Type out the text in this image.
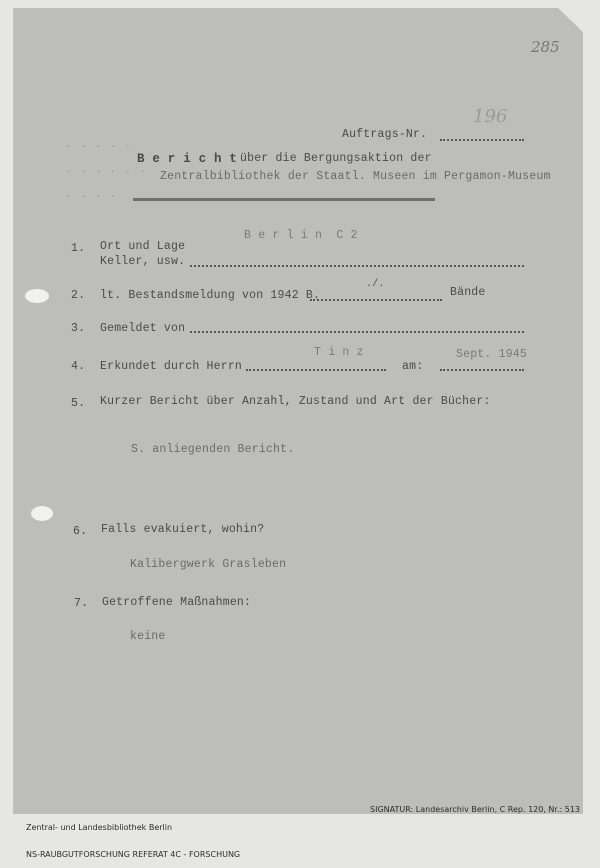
285
196
Auftrags-Nr.
. . . . .
. . . . . .
. . . .
B e r i c h t über die Bergungsaktion der
Zentralbibliothek der Staatl. Museen im Pergamon-Museum
B e r l i n  C 2
1. Ort und Lage
Keller, usw.
2. lt. Bestandsmeldung von 1942 B.
./.
Bände
3. Gemeldet von
T i n z	Sept. 1945
4. Erkundet durch Herrn	am:
5. Kurzer Bericht über Anzahl, Zustand und Art der Bücher:
S. anliegenden Bericht.
6. Falls evakuiert, wohin?
Kalibergwerk Grasleben
7. Getroffene Maßnahmen:
keine

Zentral- und Landesbibliothek Berlin

NS-RAUBGUTFORSCHUNG REFERAT 4C - FORSCHUNG

SIGNATUR: Landesarchiv Berlin, C Rep. 120, Nr.: 513
